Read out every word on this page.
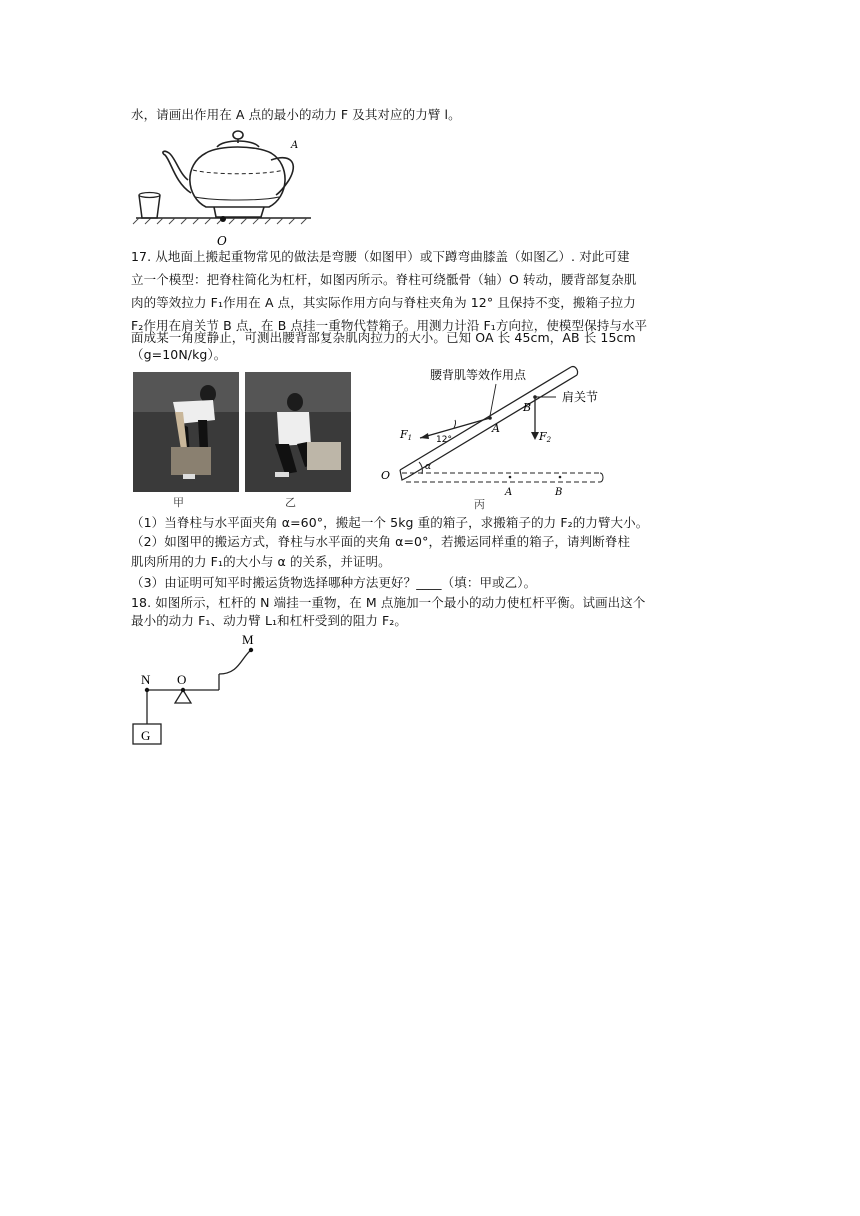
水，请画出作用在 A 点的最小的动力 F 及其对应的力臂 l。
A
O
17. 从地面上搬起重物常见的做法是弯腰（如图甲）或下蹲弯曲膝盖（如图乙）. 对此可建
立一个模型：把脊柱简化为杠杆，如图丙所示。脊柱可绕骶骨（轴）O 转动，腰背部复杂肌
肉的等效拉力 F₁作用在 A 点，其实际作用方向与脊柱夹角为 12° 且保持不变，搬箱子拉力
F₂作用在肩关节 B 点，在 B 点挂一重物代替箱子。用测力计沿 F₁方向拉，使模型保持与水平
面成某一角度静止，可测出腰背部复杂肌肉拉力的大小。已知 OA 长 45cm，AB 长 15cm
（g=10N/kg）。
甲	乙
腰背肌等效作用点
肩关节
F1	F2
12°
α
A
B
O
A	B
丙
（1）当脊柱与水平面夹角 α=60°，搬起一个 5kg 重的箱子，求搬箱子的力 F₂的力臂大小。
（2）如图甲的搬运方式，脊柱与水平面的夹角 α=0°，若搬运同样重的箱子，请判断脊柱
肌肉所用的力 F₁的大小与 α 的关系，并证明。
（3）由证明可知平时搬运货物选择哪种方法更好？____（填：甲或乙）。
18. 如图所示，杠杆的 N 端挂一重物，在 M 点施加一个最小的动力使杠杆平衡。试画出这个
最小的动力 F₁、动力臂 L₁和杠杆受到的阻力 F₂。
M
N O
G
